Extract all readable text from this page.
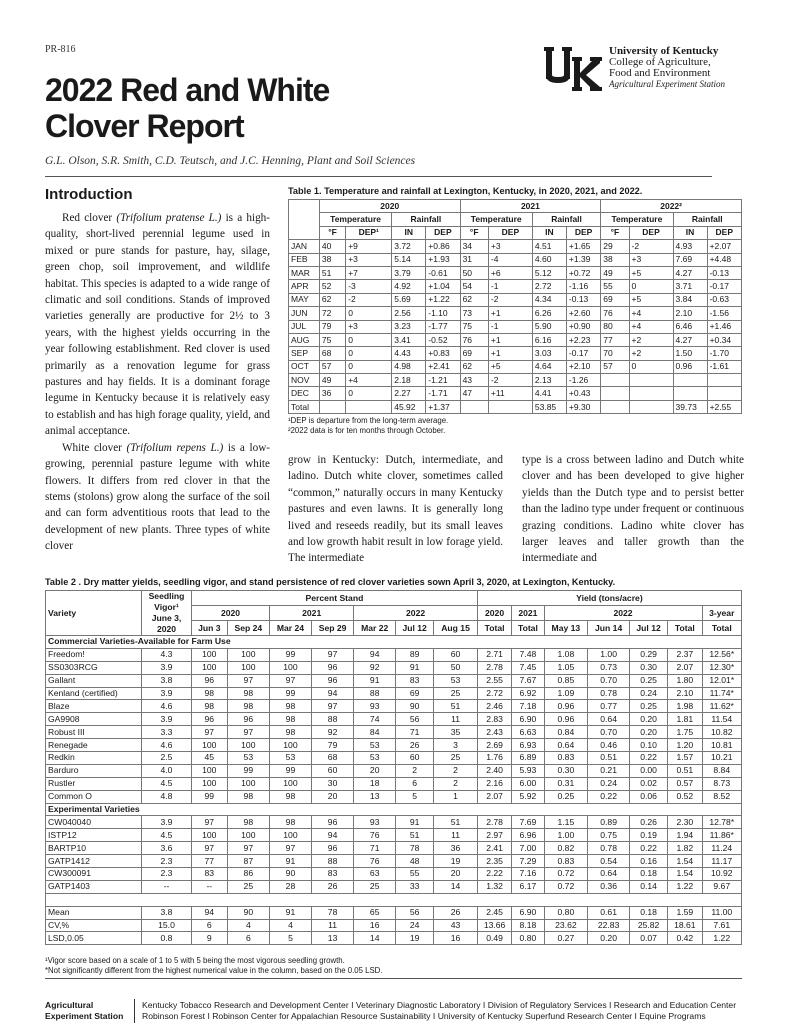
PR-816
2022 Red and White Clover Report
G.L. Olson, S.R. Smith, C.D. Teutsch, and J.C. Henning, Plant and Soil Sciences
University of Kentucky
College of Agriculture,
Food and Environment
Agricultural Experiment Station
Introduction

Red clover (Trifolium pratense L.) is a high-quality, short-lived perennial legume used in mixed or pure stands for pasture, hay, silage, green chop, soil improvement, and wildlife habitat. This species is adapted to a wide range of climatic and soil conditions. Stands of improved varieties generally are productive for 2½ to 3 years, with the highest yields occurring in the year following establishment. Red clover is used primarily as a renovation legume for grass pastures and hay fields. It is a dominant forage legume in Kentucky because it is relatively easy to establish and has high forage quality, yield, and animal acceptance.

White clover (Trifolium repens L.) is a low-growing, perennial pasture legume with white flowers. It differs from red clover in that the stems (stolons) grow along the surface of the soil and can form adventitious roots that lead to the development of new plants. Three types of white clover

grow in Kentucky: Dutch, intermediate, and ladino. Dutch white clover, sometimes called “common,” naturally occurs in many Kentucky pastures and even lawns. It is generally long lived and reseeds readily, but its small leaves and low growth habit result in low forage yield. The intermediate

type is a cross between ladino and Dutch white clover and has been developed to give higher yields than the Dutch type and to persist better than the ladino type under frequent or continuous grazing conditions. Ladino white clover has larger leaves and taller growth than the intermediate and

Table 1. Temperature and rainfall at Lexington, Kentucky, in 2020, 2021, and 2022.
	2020				2021				2022²			
	Temperature		Rainfall		Temperature		Rainfall		Temperature		Rainfall	
	°F	DEP¹	IN	DEP	°F	DEP	IN	DEP	°F	DEP	IN	DEP
JAN	40	+9	3.72	+0.86	34	+3	4.51	+1.65	29	-2	4.93	+2.07
FEB	38	+3	5.14	+1.93	31	-4	4.60	+1.39	38	+3	7.69	+4.48
MAR	51	+7	3.79	-0.61	50	+6	5.12	+0.72	49	+5	4.27	-0.13
APR	52	-3	4.92	+1.04	54	-1	2.72	-1.16	55	0	3.71	-0.17
MAY	62	-2	5.69	+1.22	62	-2	4.34	-0.13	69	+5	3.84	-0.63
JUN	72	0	2.56	-1.10	73	+1	6.26	+2.60	76	+4	2.10	-1.56
JUL	79	+3	3.23	-1.77	75	-1	5.90	+0.90	80	+4	6.46	+1.46
AUG	75	0	3.41	-0.52	76	+1	6.16	+2.23	77	+2	4.27	+0.34
SEP	68	0	4.43	+0.83	69	+1	3.03	-0.17	70	+2	1.50	-1.70
OCT	57	0	4.98	+2.41	62	+5	4.64	+2.10	57	0	0.96	-1.61
NOV	49	+4	2.18	-1.21	43	-2	2.13	-1.26				
DEC	36	0	2.27	-1.71	47	+11	4.41	+0.43				
Total			45.92	+1.37			53.85	+9.30			39.73	+2.55
¹DEP is departure from the long-term average.
²2022 data is for ten months through October.
Table 2 . Dry matter yields, seedling vigor, and stand persistence of red clover varieties sown April 3, 2020, at Lexington, Kentucky.
Variety	Seedling
Vigor¹
June 3, 2020	Percent Stand							Yield (tons/acre)						
		2020		2021		2022			2020	2021	2022				3-year
		Jun 3	Sep 24	Mar 24	Sep 29	Mar 22	Jul 12	Aug 15	Total	Total	May 13	Jun 14	Jul 12	Total	Total
Commercial Varieties-Available for Farm Use															
Freedom!	4.3	100	100	99	97	94	89	60	2.71	7.48	1.08	1.00	0.29	2.37	12.56*
SS0303RCG	3.9	100	100	100	96	92	91	50	2.78	7.45	1.05	0.73	0.30	2.07	12.30*
Gallant	3.8	96	97	97	96	91	83	53	2.55	7.67	0.85	0.70	0.25	1.80	12.01*
Kenland (certified)	3.9	98	98	99	94	88	69	25	2.72	6.92	1.09	0.78	0.24	2.10	11.74*
Blaze	4.6	98	98	98	97	93	90	51	2.46	7.18	0.96	0.77	0.25	1.98	11.62*
GA9908	3.9	96	96	98	88	74	56	11	2.83	6.90	0.96	0.64	0.20	1.81	11.54
Robust III	3.3	97	97	98	92	84	71	35	2.43	6.63	0.84	0.70	0.20	1.75	10.82
Renegade	4.6	100	100	100	79	53	26	3	2.69	6.93	0.64	0.46	0.10	1.20	10.81
Redkin	2.5	45	53	53	68	53	60	25	1.76	6.89	0.83	0.51	0.22	1.57	10.21
Barduro	4.0	100	99	99	60	20	2	2	2.40	5.93	0.30	0.21	0.00	0.51	8.84
Rustler	4.5	100	100	100	30	18	6	2	2.16	6.00	0.31	0.24	0.02	0.57	8.73
Common O	4.8	99	98	98	20	13	5	1	2.07	5.92	0.25	0.22	0.06	0.52	8.52
Experimental Varieties															
CW040040	3.9	97	98	98	96	93	91	51	2.78	7.69	1.15	0.89	0.26	2.30	12.78*
ISTP12	4.5	100	100	100	94	76	51	11	2.97	6.96	1.00	0.75	0.19	1.94	11.86*
BARTP10	3.6	97	97	97	96	71	78	36	2.41	7.00	0.82	0.78	0.22	1.82	11.24
GATP1412	2.3	77	87	91	88	76	48	19	2.35	7.29	0.83	0.54	0.16	1.54	11.17
CW300091	2.3	83	86	90	83	63	55	20	2.22	7.16	0.72	0.64	0.18	1.54	10.92
GATP1403	--	--	25	28	26	25	33	14	1.32	6.17	0.72	0.36	0.14	1.22	9.67

Mean	3.8	94	90	91	78	65	56	26	2.45	6.90	0.80	0.61	0.18	1.59	11.00
CV,%	15.0	6	4	4	11	16	24	43	13.66	8.18	23.62	22.83	25.82	18.61	7.61
LSD,0.05	0.8	9	6	5	13	14	19	16	0.49	0.80	0.27	0.20	0.07	0.42	1.22
¹Vigor score based on a scale of 1 to 5 with 5 being the most vigorous seedling growth.
*Not significantly different from the highest numerical value in the column, based on the 0.05 LSD.
Agricultural
Experiment Station
Kentucky Tobacco Research and Development Center I Veterinary Diagnostic Laboratory I Division of Regulatory Services I Research and Education Center
Robinson Forest I Robinson Center for Appalachian Resource Sustainability I University of Kentucky Superfund Research Center I Equine Programs
